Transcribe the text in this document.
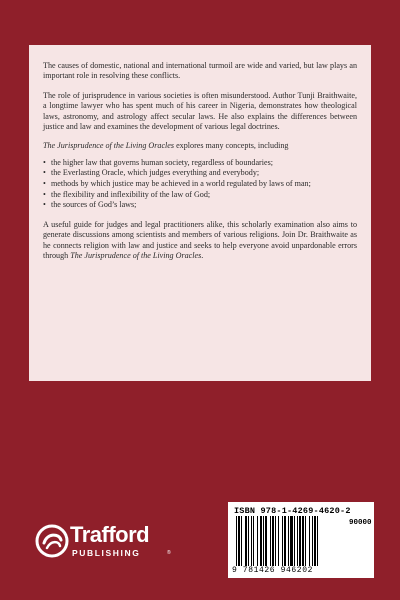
The causes of domestic, national and international turmoil are wide and varied, but law plays an important role in resolving these conflicts.

The role of jurisprudence in various societies is often misunderstood. Author Tunji Braithwaite, a longtime lawyer who has spent much of his career in Nigeria, demonstrates how theological laws, astronomy, and astrology affect secular laws. He also explains the differences between justice and law and examines the development of various legal doctrines.

The Jurisprudence of the Living Oracles explores many concepts, including

• the higher law that governs human society, regardless of boundaries;
• the Everlasting Oracle, which judges everything and everybody;
• methods by which justice may be achieved in a world regulated by laws of man;
• the flexibility and inflexibility of the law of God;
• the sources of God’s laws;

A useful guide for judges and legal practitioners alike, this scholarly examination also aims to generate discussions among scientists and members of various religions. Join Dr. Braithwaite as he connects religion with law and justice and seeks to help everyone avoid unpardonable errors through The Jurisprudence of the Living Oracles.

Trafford
PUBLISHING	®
ISBN 978-1-4269-4620-2
90000
9 781426 946202
